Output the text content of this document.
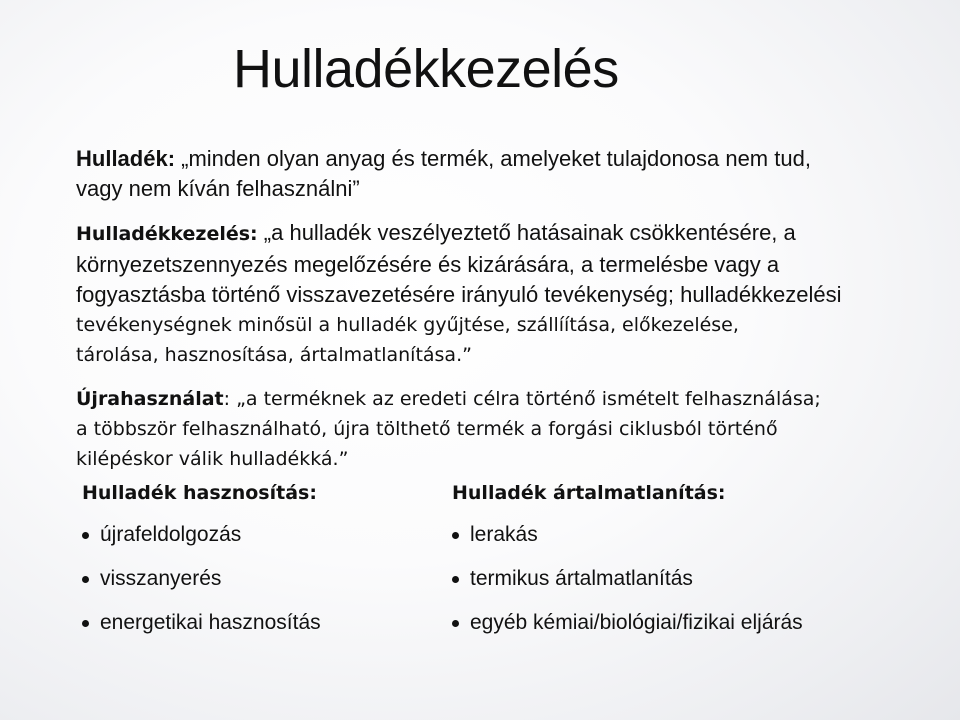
Hulladékkezelés

Hulladék: „minden olyan anyag és termék, amelyeket tulajdonosa nem tud,
vagy nem kíván felhasználni”

Hulladékkezelés: „a hulladék veszélyeztető hatásainak csökkentésére, a
környezetszennyezés megelőzésére és kizárására, a termelésbe vagy a
fogyasztásba történő visszavezetésére irányuló tevékenység; hulladékkezelési
tevékenységnek minősül a hulladék gyűjtése, szállíítása, előkezelése,
tárolása, hasznosítása, ártalmatlanítása.”

Újrahasználat: „a terméknek az eredeti célra történő ismételt felhasználása;
a többször felhasználható, újra tölthető termék a forgási ciklusból történő
kilépéskor válik hulladékká.”

Hulladék hasznosítás:
újrafeldolgozás
visszanyerés
energetikai hasznosítás
Hulladék ártalmatlanítás:
lerakás
termikus ártalmatlanítás
egyéb kémiai/biológiai/fizikai eljárás
